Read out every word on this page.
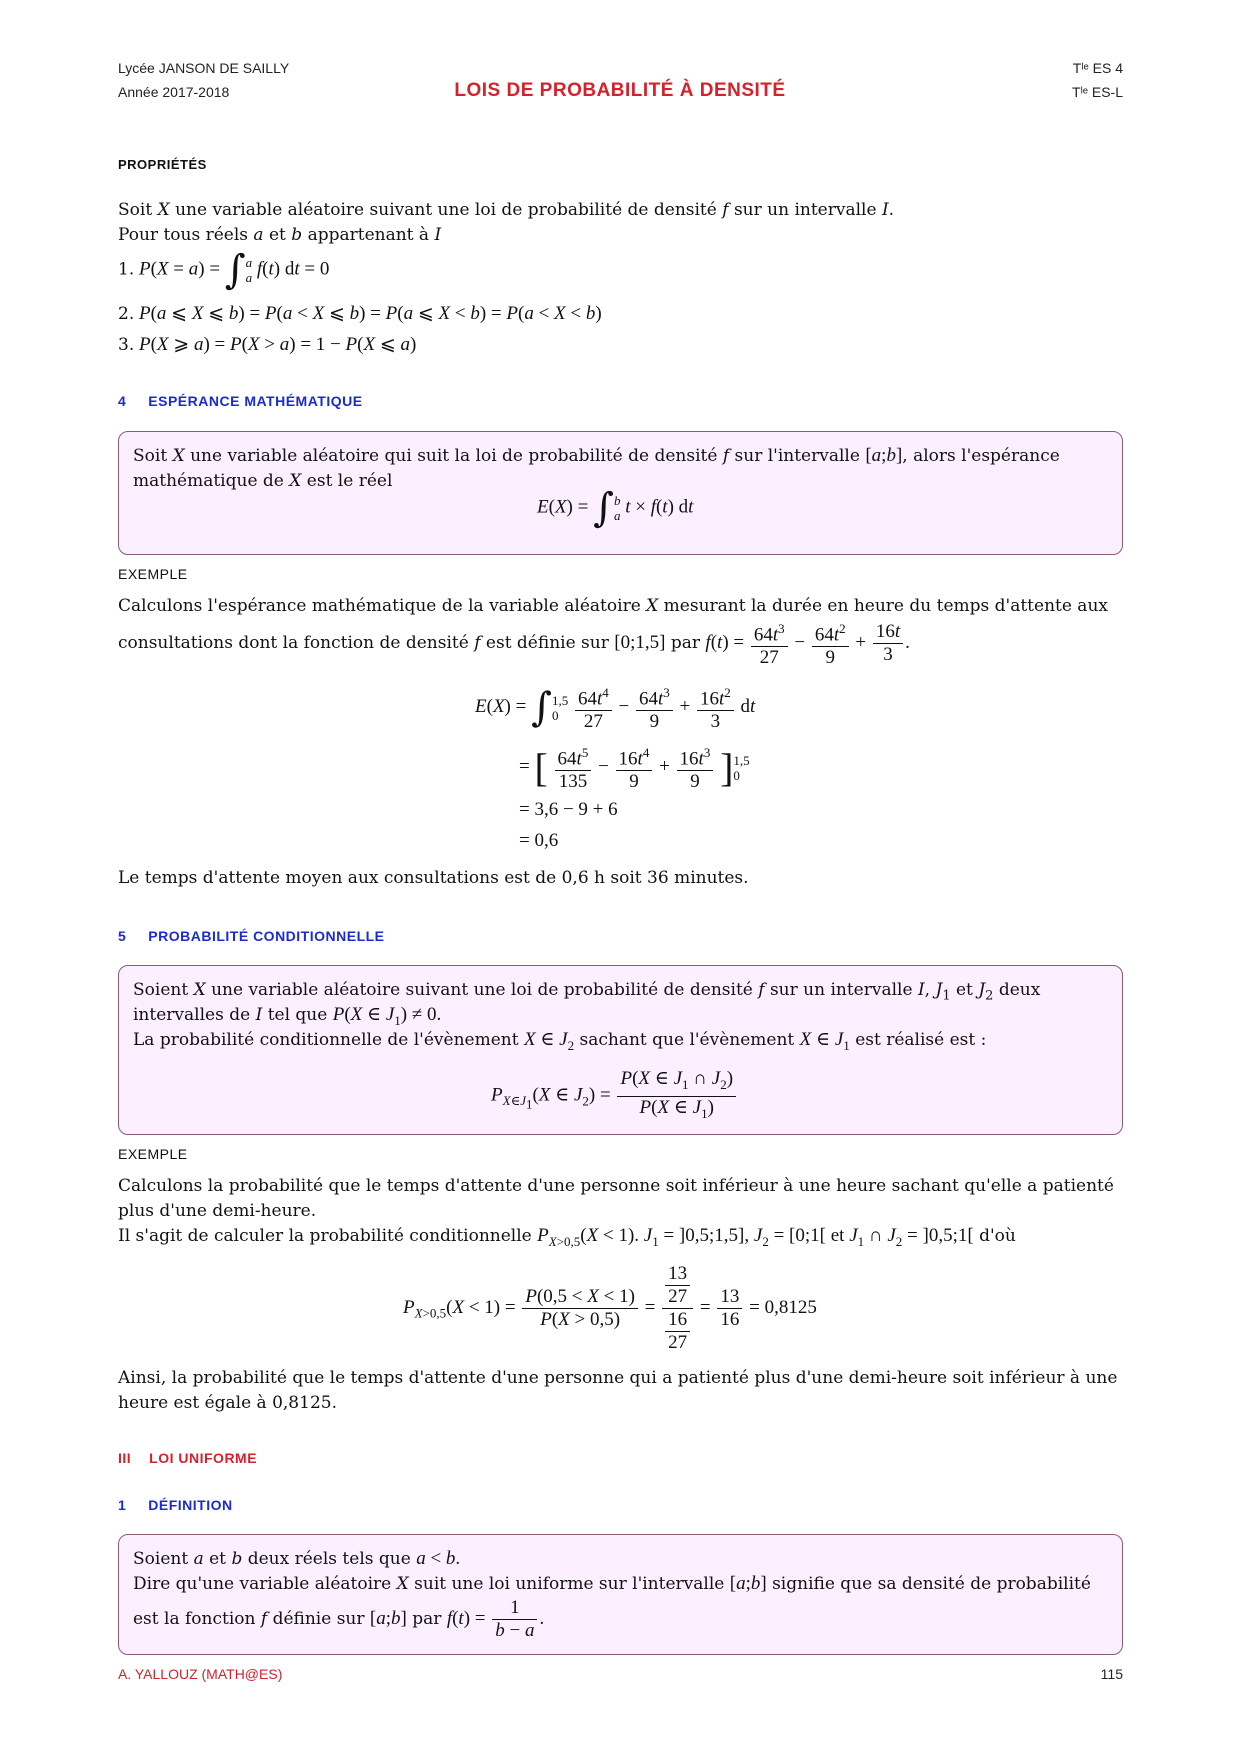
Lycée JANSON DE SAILLY
Année 2017-2018	LOIS DE PROBABILITÉ À DENSITÉ
Tˡᵉ ES 4
Tˡᵉ ES-L
PROPRIÉTÉS
Soit X une variable aléatoire suivant une loi de probabilité de densité f sur un intervalle I.
Pour tous réels a et b appartenant à I
1. P(X = a) = ∫ a
a f(t) dt = 0
2. P(a ⩽ X ⩽ b) = P(a < X ⩽ b) = P(a ⩽ X < b) = P(a < X < b)
3. P(X ⩾ a) = P(X > a) = 1 − P(X ⩽ a)
4 ESPÉRANCE MATHÉMATIQUE
Soit X une variable aléatoire qui suit la loi de probabilité de densité f sur l'intervalle [a;b], alors l'espérance
mathématique de X est le réel
E(X) = ∫ b
a t × f(t) dt
EXEMPLE
Calculons l'espérance mathématique de la variable aléatoire X mesurant la durée en heure du temps d'attente aux
consultations dont la fonction de densité f est définie sur [0;1,5] par $f(t) = \frac{64t^3}{27} - \frac{64t^2}{9} + \frac{16t}{3}$ .
E(X) = ∫ 1,5
0
$\frac{64t^4}{27} - \frac{64t^3}{9} + \frac{16t^2}{3}$ dt
= [ $\frac{64t^5}{135} - \frac{16t^4}{9} + \frac{16t^3}{9}$ ] 1,5
0
= 3,6 − 9 + 6
= 0,6
Le temps d'attente moyen aux consultations est de 0,6 h soit 36 minutes.
5 PROBABILITÉ CONDITIONNELLE
Soient X une variable aléatoire suivant une loi de probabilité de densité f sur un intervalle I, $J_1$ et $J_2$ deux
intervalles de I tel que P(X ∈ $J_1) \ne 0$.
La probabilité conditionnelle de l'évènement X ∈ $J_2$ sachant que l'évènement X ∈ $J_1$ est réalisé est :
$P_{X\in J_1}(X$ ∈ $J_2) = \frac{P(X \in J_1 \cap J_2)}{P(X \in J_1)}$
EXEMPLE
Calculons la probabilité que le temps d'attente d'une personne soit inférieur à une heure sachant qu'elle a patienté
plus d'une demi-heure.
Il s'agit de calculer la probabilité conditionnelle $P_{X>0,5}(X < 1)$. $J_1$ = ]0,5;1,5], $J_2$ = [0;1[ et $J_1$ ∩ $J_2$ = ]0,5;1[ d'où
$P_{X>0,5}(X < 1) = \frac{P(0,5 < X < 1)}{P(X > 0,5)} = \frac{\frac{13}{27}}{\frac{16}{27}} = \frac{13}{16} = 0,8125$
Ainsi, la probabilité que le temps d'attente d'une personne qui a patienté plus d'une demi-heure soit inférieur à une
heure est égale à 0,8125.
III LOI UNIFORME
1 DÉFINITION
Soient a et b deux réels tels que a < b.
Dire qu'une variable aléatoire X suit une loi uniforme sur l'intervalle [a;b] signifie que sa densité de probabilité
est la fonction f définie sur [a;b] par $f(t) = \frac{1}{b - a}$ .
A. YALLOUZ (MATH@ES)	115
